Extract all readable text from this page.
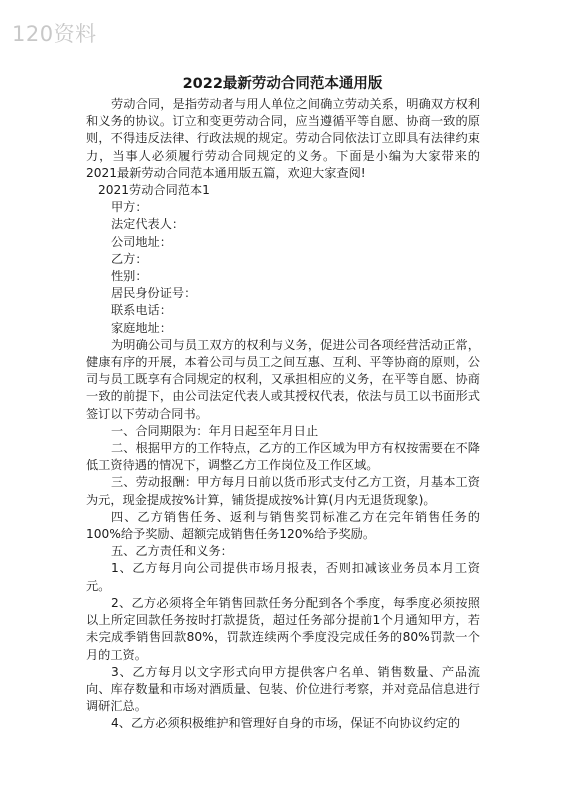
120资料
2022最新劳动合同范本通用版

劳动合同，是指劳动者与用人单位之间确立劳动关系，明确双方权利和义务的协议。订立和变更劳动合同，应当遵循平等自愿、协商一致的原则，不得违反法律、行政法规的规定。劳动合同依法订立即具有法律约束力，当事人必须履行劳动合同规定的义务。下面是小编为大家带来的2021最新劳动合同范本通用版五篇，欢迎大家查阅!

2021劳动合同范本1

甲方：

法定代表人：

公司地址：

乙方：

性别：

居民身份证号：

联系电话：

家庭地址：

为明确公司与员工双方的权利与义务，促进公司各项经营活动正常，健康有序的开展，本着公司与员工之间互惠、互利、平等协商的原则，公司与员工既享有合同规定的权利，又承担相应的义务，在平等自愿、协商一致的前提下，由公司法定代表人或其授权代表，依法与员工以书面形式签订以下劳动合同书。

一、合同期限为：年月日起至年月日止

二、根据甲方的工作特点，乙方的工作区域为甲方有权按需要在不降低工资待遇的情况下，调整乙方工作岗位及工作区域。

三、劳动报酬：甲方每月日前以货币形式支付乙方工资，月基本工资为元，现金提成按%计算，铺货提成按%计算(月内无退货现象)。

四、乙方销售任务、返利与销售奖罚标准乙方在完年销售任务的100%给予奖励、超额完成销售任务120%给予奖励。

五、乙方责任和义务：

1、乙方每月向公司提供市场月报表，否则扣减该业务员本月工资元。

2、乙方必须将全年销售回款任务分配到各个季度，每季度必须按照以上所定回款任务按时打款提货，超过任务部分提前1个月通知甲方，若未完成季销售回款80%，罚款连续两个季度没完成任务的80%罚款一个月的工资。

3、乙方每月以文字形式向甲方提供客户名单、销售数量、产品流向、库存数量和市场对酒质量、包装、价位进行考察，并对竞品信息进行调研汇总。

4、乙方必须积极维护和管理好自身的市场，保证不向协议约定的
